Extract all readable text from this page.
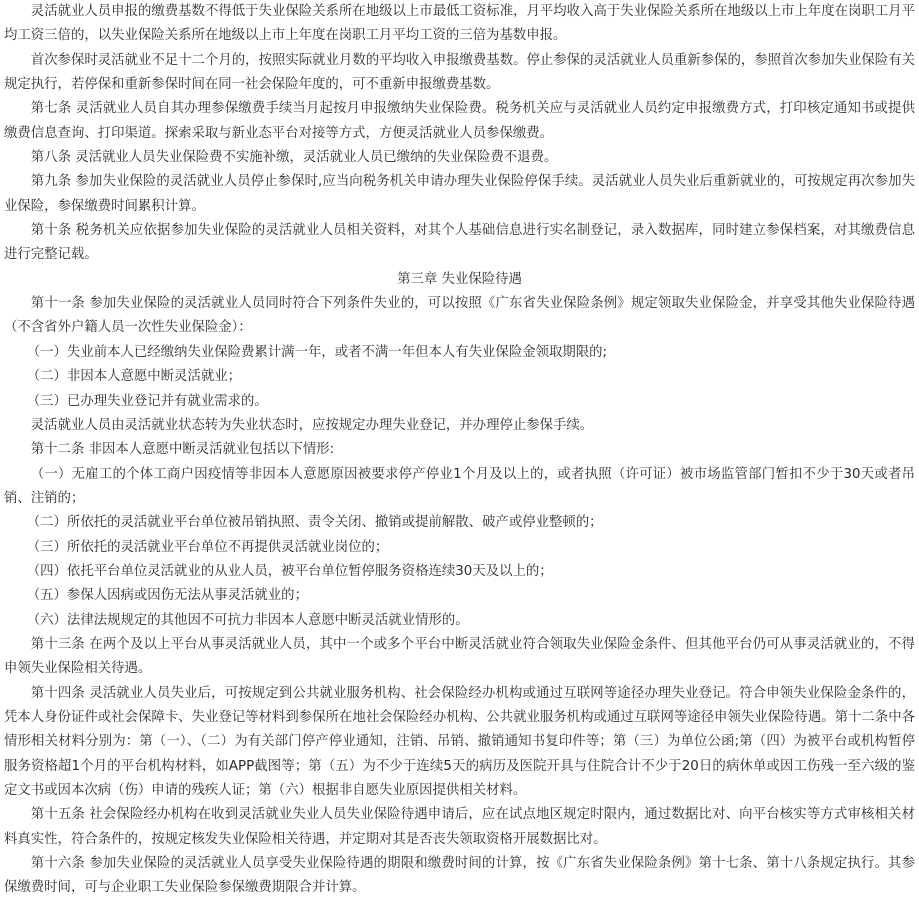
灵活就业人员申报的缴费基数不得低于失业保险关系所在地级以上市最低工资标准，月平均收入高于失业保险关系所在地级以上市上年度在岗职工月平均工资三倍的，以失业保险关系所在地级以上市上年度在岗职工月平均工资的三倍为基数申报。

首次参保时灵活就业不足十二个月的，按照实际就业月数的平均收入申报缴费基数。停止参保的灵活就业人员重新参保的，参照首次参加失业保险有关规定执行，若停保和重新参保时间在同一社会保险年度的，可不重新申报缴费基数。

第七条 灵活就业人员自其办理参保缴费手续当月起按月申报缴纳失业保险费。税务机关应与灵活就业人员约定申报缴费方式，打印核定通知书或提供缴费信息查询、打印渠道。探索采取与新业态平台对接等方式，方便灵活就业人员参保缴费。

第八条 灵活就业人员失业保险费不实施补缴，灵活就业人员已缴纳的失业保险费不退费。

第九条 参加失业保险的灵活就业人员停止参保时,应当向税务机关申请办理失业保险停保手续。灵活就业人员失业后重新就业的，可按规定再次参加失业保险，参保缴费时间累积计算。

第十条 税务机关应依据参加失业保险的灵活就业人员相关资料，对其个人基础信息进行实名制登记，录入数据库，同时建立参保档案，对其缴费信息进行完整记载。

第三章 失业保险待遇

第十一条 参加失业保险的灵活就业人员同时符合下列条件失业的，可以按照《广东省失业保险条例》规定领取失业保险金，并享受其他失业保险待遇（不含省外户籍人员一次性失业保险金）：

（一）失业前本人已经缴纳失业保险费累计满一年，或者不满一年但本人有失业保险金领取期限的;

（二）非因本人意愿中断灵活就业；

（三）已办理失业登记并有就业需求的。

灵活就业人员由灵活就业状态转为失业状态时，应按规定办理失业登记，并办理停止参保手续。

第十二条 非因本人意愿中断灵活就业包括以下情形:

（一）无雇工的个体工商户因疫情等非因本人意愿原因被要求停产停业1个月及以上的，或者执照（许可证）被市场监管部门暂扣不少于30天或者吊销、注销的；

（二）所依托的灵活就业平台单位被吊销执照、责令关闭、撤销或提前解散、破产或停业整顿的；

（三）所依托的灵活就业平台单位不再提供灵活就业岗位的；

（四）依托平台单位灵活就业的从业人员，被平台单位暂停服务资格连续30天及以上的；

（五）参保人因病或因伤无法从事灵活就业的；

（六）法律法规规定的其他因不可抗力非因本人意愿中断灵活就业情形的。

第十三条 在两个及以上平台从事灵活就业人员，其中一个或多个平台中断灵活就业符合领取失业保险金条件、但其他平台仍可从事灵活就业的，不得申领失业保险相关待遇。

第十四条 灵活就业人员失业后，可按规定到公共就业服务机构、社会保险经办机构或通过互联网等途径办理失业登记。符合申领失业保险金条件的，凭本人身份证件或社会保障卡、失业登记等材料到参保所在地社会保险经办机构、公共就业服务机构或通过互联网等途径申领失业保险待遇。第十二条中各情形相关材料分别为：第（一）、（二）为有关部门停产停业通知，注销、吊销、撤销通知书复印件等；第（三）为单位公函;第（四）为被平台或机构暂停服务资格超1个月的平台机构材料，如APP截图等；第（五）为不少于连续5天的病历及医院开具与住院合计不少于20日的病休单或因工伤残一至六级的鉴定文书或因本次病（伤）申请的残疾人证；第（六）根据非自愿失业原因提供相关材料。

第十五条 社会保险经办机构在收到灵活就业失业人员失业保险待遇申请后，应在试点地区规定时限内，通过数据比对、向平台核实等方式审核相关材料真实性，符合条件的，按规定核发失业保险相关待遇，并定期对其是否丧失领取资格开展数据比对。

第十六条 参加失业保险的灵活就业人员享受失业保险待遇的期限和缴费时间的计算，按《广东省失业保险条例》第十七条、第十八条规定执行。其参保缴费时间，可与企业职工失业保险参保缴费期限合并计算。
